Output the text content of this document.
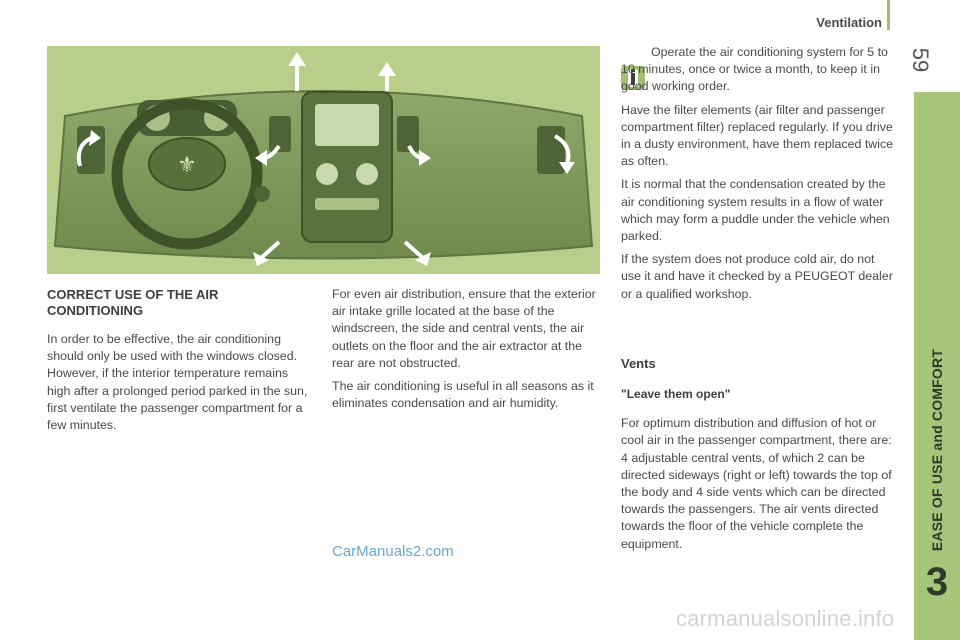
Ventilation
59
EASE OF USE and COMFORT
3
⚜
CORRECT USE OF THE AIR CONDITIONING

In order to be effective, the air conditioning should only be used with the windows closed. However, if the interior temperature remains high after a prolonged period parked in the sun, first ventilate the passenger compartment for a few minutes.

For even air distribution, ensure that the exterior air intake grille located at the base of the windscreen, the side and central vents, the air outlets on the floor and the air extractor at the rear are not obstructed.

The air conditioning is useful in all seasons as it eliminates condensation and air humidity.

Operate the air conditioning system for 5 to 10 minutes, once or twice a month, to keep it in good working order.

Have the filter elements (air filter and passenger compartment filter) replaced regularly. If you drive in a dusty environment, have them replaced twice as often.

It is normal that the condensation created by the air conditioning system results in a flow of water which may form a puddle under the vehicle when parked.

If the system does not produce cold air, do not use it and have it checked by a PEUGEOT dealer or a qualified workshop.

Vents
"Leave them open"

For optimum distribution and diffusion of hot or cool air in the passenger compartment, there are: 4 adjustable central vents, of which 2 can be directed sideways (right or left) towards the top of the body and 4 side vents which can be directed towards the passengers. The air vents directed towards the floor of the vehicle complete the equipment.

CarManuals2.com
carmanualsonline.info
